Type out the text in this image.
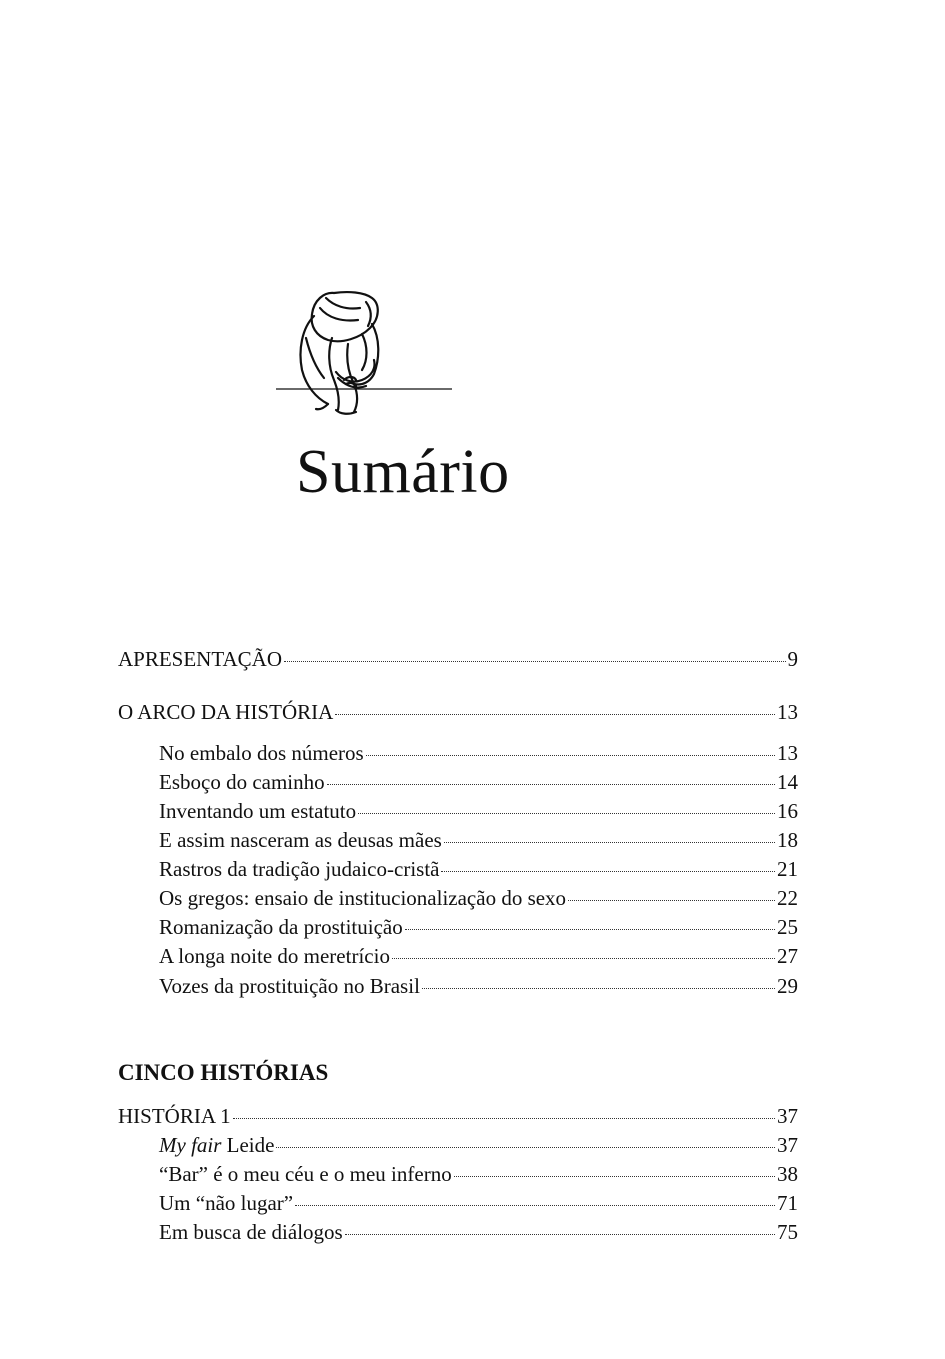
Sumário
APRESENTAÇÃO	9
O ARCO DA HISTÓRIA	13
No embalo dos números	13
Esboço do caminho	14
Inventando um estatuto	16
E assim nasceram as deusas mães	18
Rastros da tradição judaico-cristã	21
Os gregos: ensaio de institucionalização do sexo	22
Romanização da prostituição	25
A longa noite do meretrício	27
Vozes da prostituição no Brasil	29
CINCO HISTÓRIAS
HISTÓRIA 1	37
My fair Leide	37
“Bar” é o meu céu e o meu inferno	38
Um “não lugar”	71
Em busca de diálogos	75
